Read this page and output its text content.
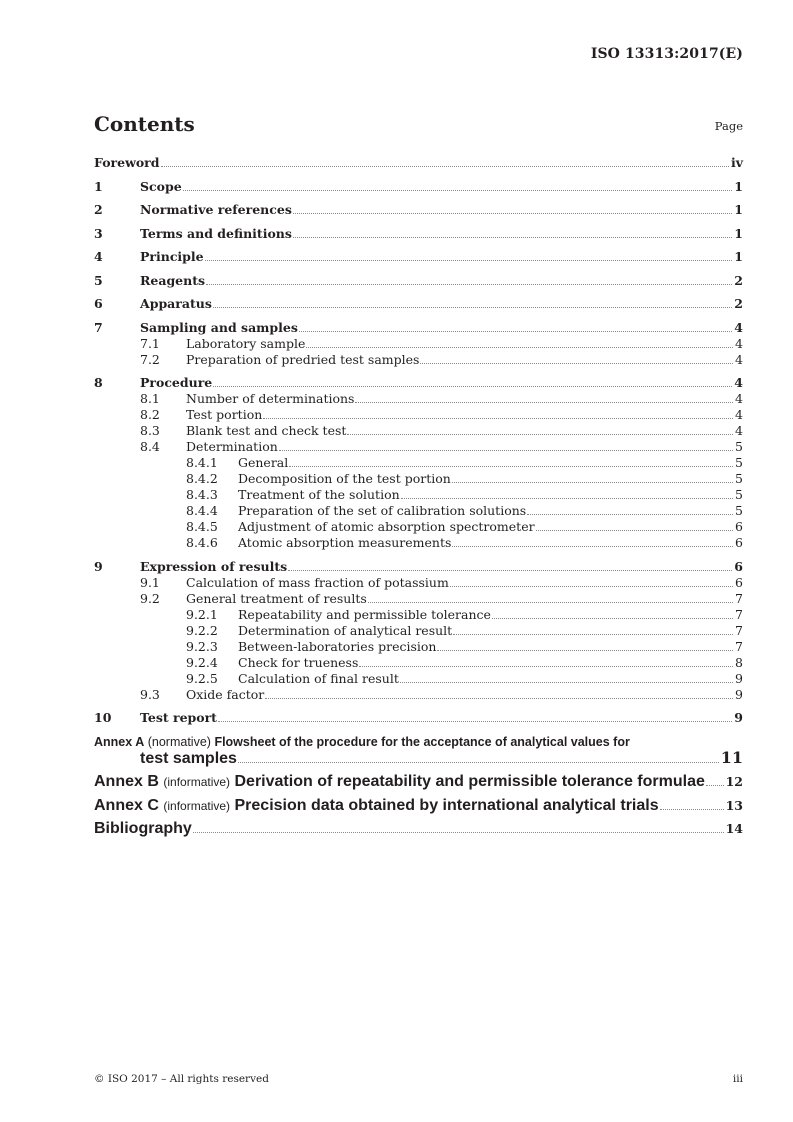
ISO 13313:2017(E)
Contents	Page
Foreword	iv
1	Scope	1
2	Normative references	1
3	Terms and definitions	1
4	Principle	1
5	Reagents	2
6	Apparatus	2
7	Sampling and samples	4
7.1	Laboratory sample	4
7.2	Preparation of predried test samples	4
8	Procedure	4
8.1	Number of determinations	4
8.2	Test portion	4
8.3	Blank test and check test	4
8.4	Determination	5
8.4.1	General	5
8.4.2	Decomposition of the test portion	5
8.4.3	Treatment of the solution	5
8.4.4	Preparation of the set of calibration solutions	5
8.4.5	Adjustment of atomic absorption spectrometer	6
8.4.6	Atomic absorption measurements	6
9	Expression of results	6
9.1	Calculation of mass fraction of potassium	6
9.2	General treatment of results	7
9.2.1	Repeatability and permissible tolerance	7
9.2.2	Determination of analytical result	7
9.2.3	Between-laboratories precision	7
9.2.4	Check for trueness	8
9.2.5	Calculation of final result	9
9.3	Oxide factor	9
10	Test report	9
Annex A (normative) Flowsheet of the procedure for the acceptance of analytical values for
test samples	11
Annex B (informative) Derivation of repeatability and permissible tolerance formulae 12
Annex C (informative) Precision data obtained by international analytical trials	13
Bibliography	14
© ISO 2017 – All rights reserved	iii
